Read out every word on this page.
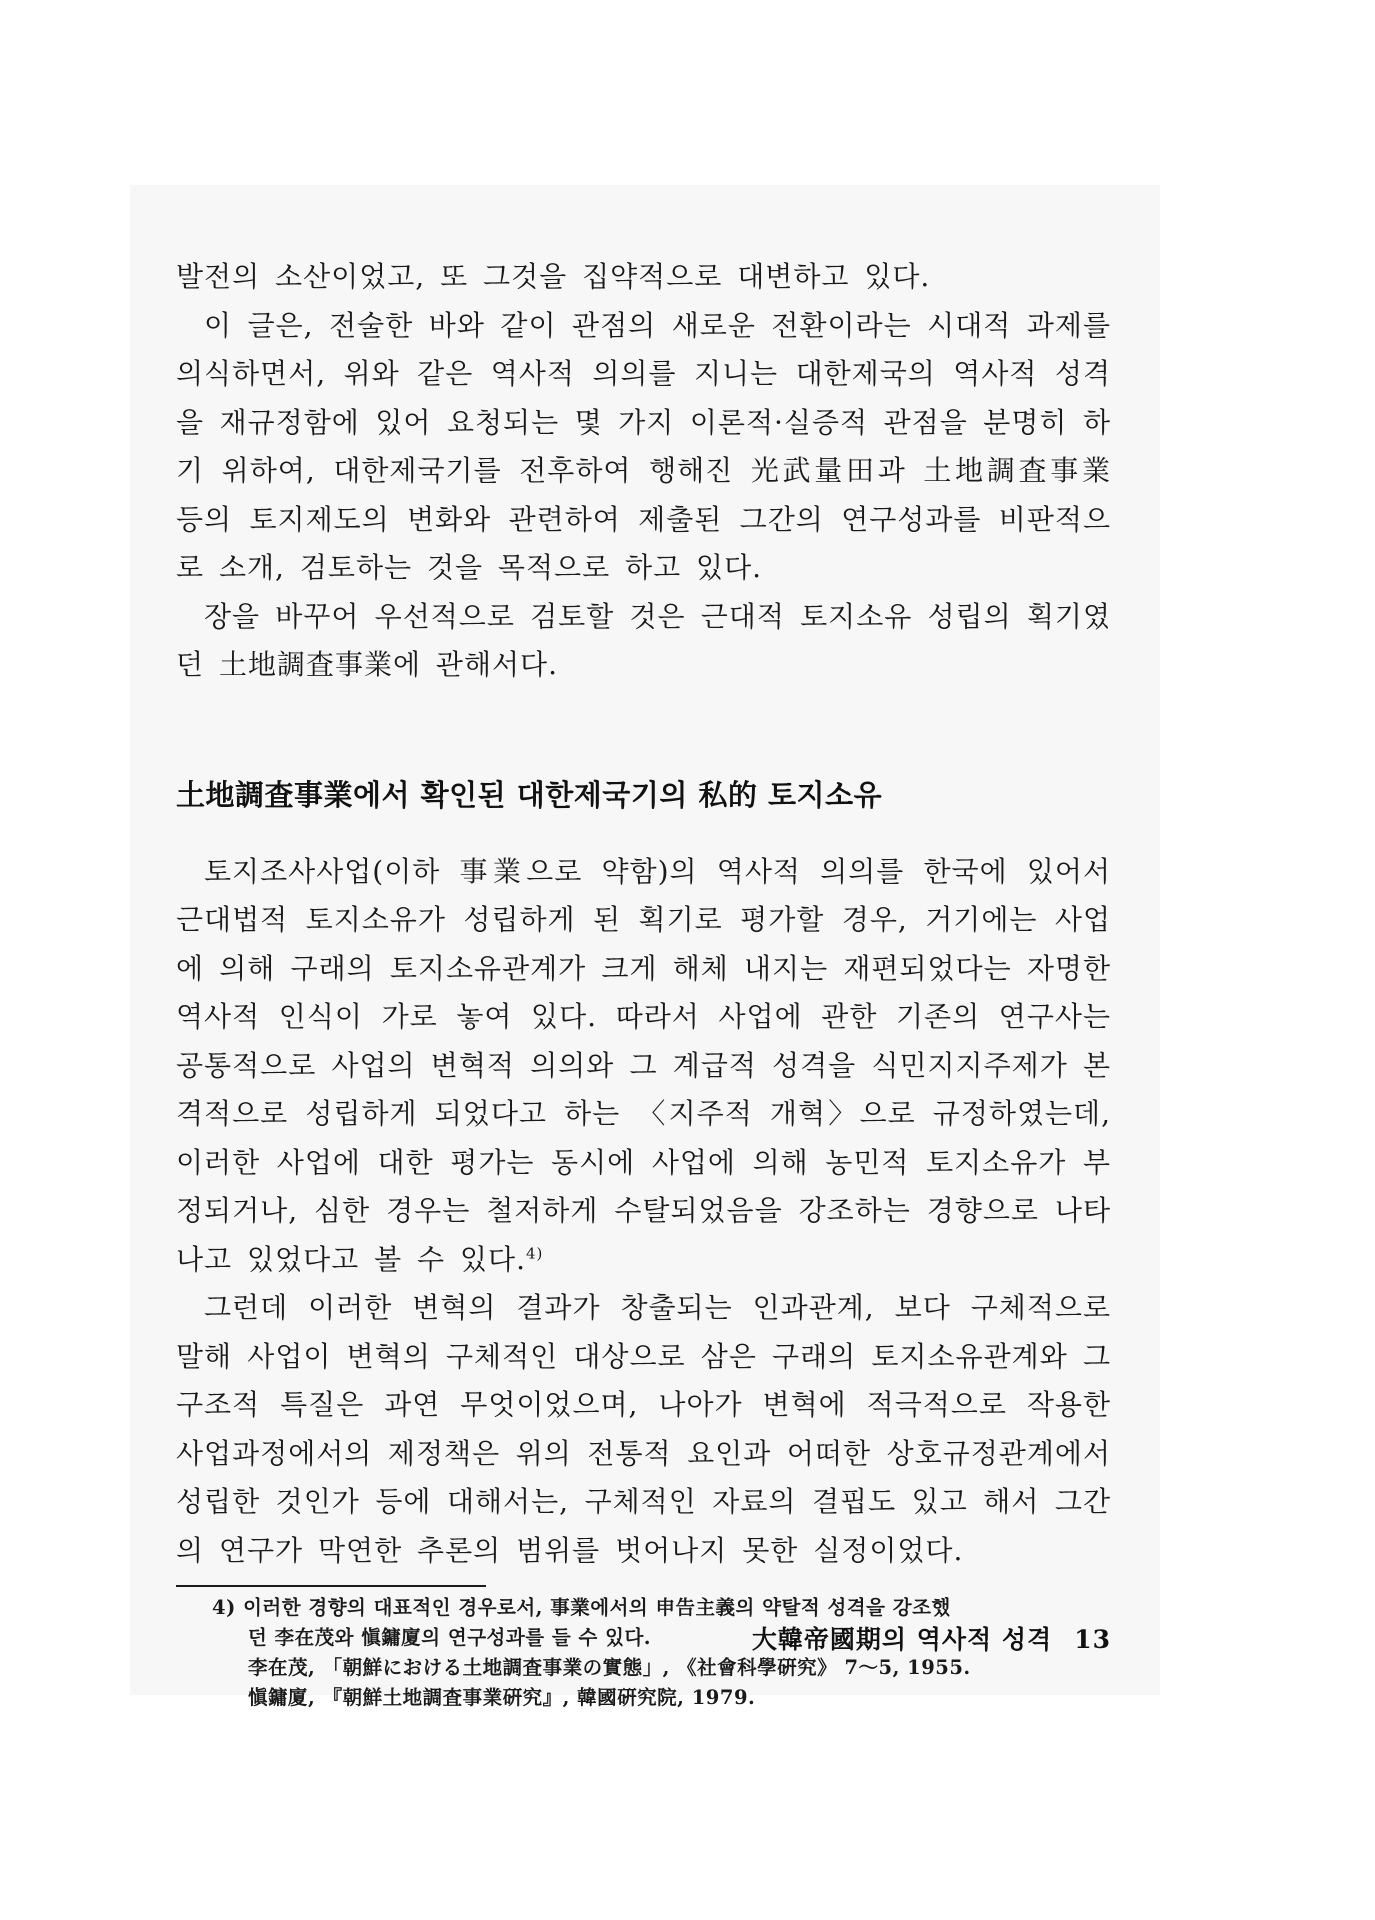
발전의 소산이었고, 또 그것을 집약적으로 대변하고 있다.

이 글은, 전술한 바와 같이 관점의 새로운 전환이라는 시대적 과제를 의식하면서, 위와 같은 역사적 의의를 지니는 대한제국의 역사적 성격을 재규정함에 있어 요청되는 몇 가지 이론적·실증적 관점을 분명히 하기 위하여, 대한제국기를 전후하여 행해진 光武量田과 土地調査事業 등의 토지제도의 변화와 관련하여 제출된 그간의 연구성과를 비판적으로 소개, 검토하는 것을 목적으로 하고 있다.

장을 바꾸어 우선적으로 검토할 것은 근대적 토지소유 성립의 획기였던 土地調査事業에 관해서다.

土地調査事業에서 확인된 대한제국기의 私的 토지소유

토지조사사업(이하 事業으로 약함)의 역사적 의의를 한국에 있어서 근대법적 토지소유가 성립하게 된 획기로 평가할 경우, 거기에는 사업에 의해 구래의 토지소유관계가 크게 해체 내지는 재편되었다는 자명한 역사적 인식이 가로 놓여 있다. 따라서 사업에 관한 기존의 연구사는 공통적으로 사업의 변혁적 의의와 그 계급적 성격을 식민지지주제가 본격적으로 성립하게 되었다고 하는 〈지주적 개혁〉으로 규정하였는데, 이러한 사업에 대한 평가는 동시에 사업에 의해 농민적 토지소유가 부정되거나, 심한 경우는 철저하게 수탈되었음을 강조하는 경향으로 나타나고 있었다고 볼 수 있다.$^{4)}$

그런데 이러한 변혁의 결과가 창출되는 인과관계, 보다 구체적으로 말해 사업이 변혁의 구체적인 대상으로 삼은 구래의 토지소유관계와 그 구조적 특질은 과연 무엇이었으며, 나아가 변혁에 적극적으로 작용한 사업과정에서의 제정책은 위의 전통적 요인과 어떠한 상호규정관계에서 성립한 것인가 등에 대해서는, 구체적인 자료의 결핍도 있고 해서 그간의 연구가 막연한 추론의 범위를 벗어나지 못한 실정이었다.

4) 이러한 경향의 대표적인 경우로서, 事業에서의 申告主義의 약탈적 성격을 강조했
던 李在茂와 愼鏞廈의 연구성과를 들 수 있다.
李在茂, 「朝鮮における土地調査事業の實態」, 《社會科學硏究》 7～5, 1955.
愼鏞廈, 『朝鮮土地調査事業硏究』, 韓國硏究院, 1979.
大韓帝國期의 역사적 성격 13
